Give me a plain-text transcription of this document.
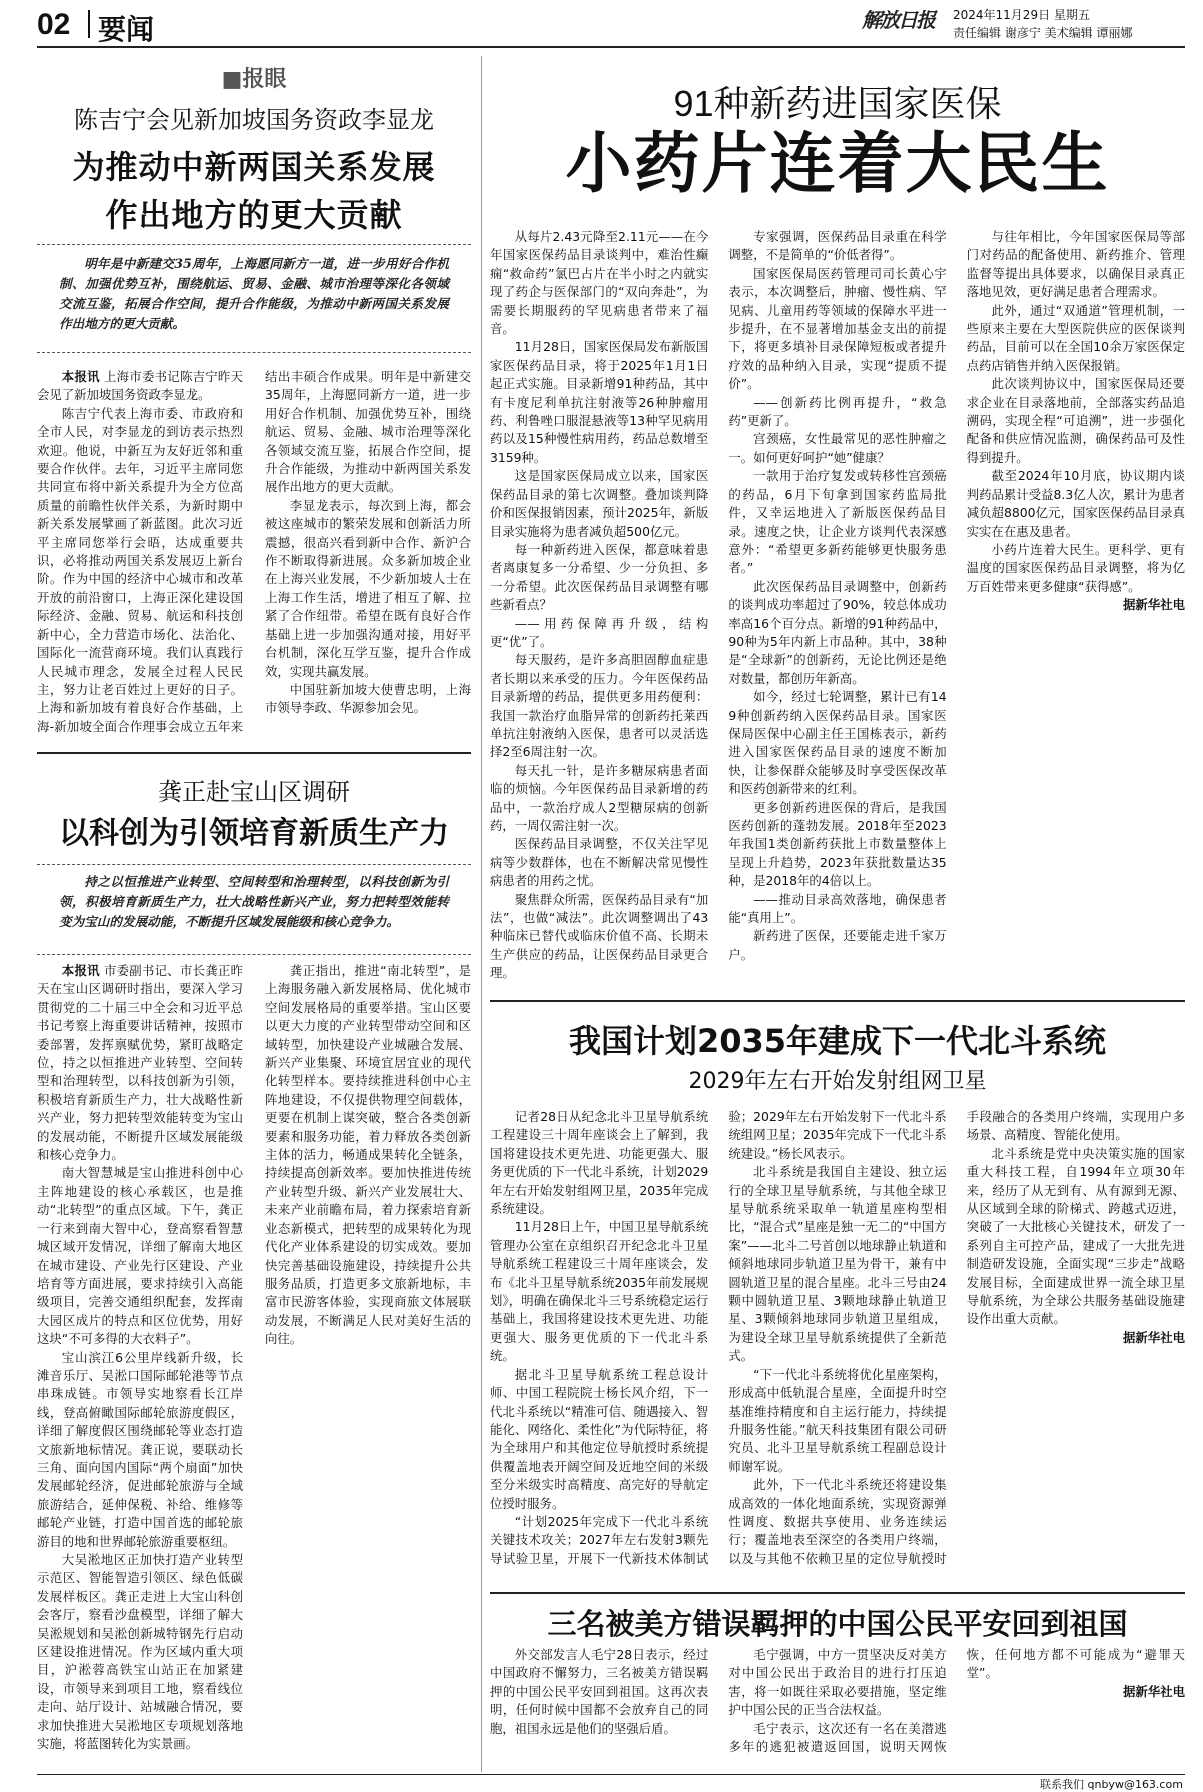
02 要闻	解放日报 2024年11月29日 星期五
责任编辑 谢彦宁 美术编辑 谭丽娜
■报眼
陈吉宁会见新加坡国务资政李显龙
为推动中新两国关系发展
作出地方的更大贡献

明年是中新建交35周年，上海愿同新方一道，进一步用好合作机制、加强优势互补，围绕航运、贸易、金融、城市治理等深化各领域交流互鉴，拓展合作空间，提升合作能级，为推动中新两国关系发展作出地方的更大贡献。

本报讯 上海市委书记陈吉宁昨天会见了新加坡国务资政李显龙。

陈吉宁代表上海市委、市政府和全市人民，对李显龙的到访表示热烈欢迎。他说，中新互为友好近邻和重要合作伙伴。去年，习近平主席同您共同宣布将中新关系提升为全方位高质量的前瞻性伙伴关系，为新时期中新关系发展擘画了新蓝图。此次习近平主席同您举行会晤，达成重要共识，必将推动两国关系发展迈上新台阶。作为中国的经济中心城市和改革开放的前沿窗口，上海正深化建设国际经济、金融、贸易、航运和科技创新中心，全力营造市场化、法治化、国际化一流营商环境。我们认真践行人民城市理念，发展全过程人民民主，努力让老百姓过上更好的日子。上海和新加坡有着良好合作基础，上海-新加坡全面合作理事会成立五年来结出丰硕合作成果。明年是中新建交35周年，上海愿同新方一道，进一步用好合作机制、加强优势互补，围绕航运、贸易、金融、城市治理等深化各领域交流互鉴，拓展合作空间，提升合作能级，为推动中新两国关系发展作出地方的更大贡献。

李显龙表示，每次到上海，都会被这座城市的繁荣发展和创新活力所震撼，很高兴看到新中合作、新沪合作不断取得新进展。众多新加坡企业在上海兴业发展，不少新加坡人士在上海工作生活，增进了相互了解、拉紧了合作纽带。希望在既有良好合作基础上进一步加强沟通对接，用好平台机制，深化互学互鉴，提升合作成效，实现共赢发展。

中国驻新加坡大使曹忠明，上海市领导李政、华源参加会见。

龚正赴宝山区调研
以科创为引领培育新质生产力

持之以恒推进产业转型、空间转型和治理转型，以科技创新为引领，积极培育新质生产力，壮大战略性新兴产业，努力把转型效能转变为宝山的发展动能，不断提升区域发展能级和核心竞争力。

本报讯 市委副书记、市长龚正昨天在宝山区调研时指出，要深入学习贯彻党的二十届三中全会和习近平总书记考察上海重要讲话精神，按照市委部署，发挥禀赋优势，紧盯战略定位，持之以恒推进产业转型、空间转型和治理转型，以科技创新为引领，积极培育新质生产力，壮大战略性新兴产业，努力把转型效能转变为宝山的发展动能，不断提升区域发展能级和核心竞争力。

南大智慧城是宝山推进科创中心主阵地建设的核心承载区，也是推动“北转型”的重点区域。下午，龚正一行来到南大智中心，登高察看智慧城区域开发情况，详细了解南大地区在城市建设、产业先行区建设、产业培育等方面进展，要求持续引入高能级项目，完善交通组织配套，发挥南大园区成片的特点和区位优势，用好这块“不可多得的大衣料子”。

宝山滨江6公里岸线新升级，长滩音乐厅、吴淞口国际邮轮港等节点串珠成链。市领导实地察看长江岸线，登高俯瞰国际邮轮旅游度假区，详细了解度假区围绕邮轮等业态打造文旅新地标情况。龚正说，要联动长三角、面向国内国际“两个扇面”加快发展邮轮经济，促进邮轮旅游与全域旅游结合，延伸保税、补给、维修等邮轮产业链，打造中国首选的邮轮旅游目的地和世界邮轮旅游重要枢纽。

大吴淞地区正加快打造产业转型示范区、智能智造引领区、绿色低碳发展样板区。龚正走进上大宝山科创会客厅，察看沙盘模型，详细了解大吴淞规划和吴淞创新城特钢先行启动区建设推进情况。作为区域内重大项目，沪淞蓉高铁宝山站正在加紧建设，市领导来到项目工地，察看线位走向、站厅设计、站城融合情况，要求加快推进大吴淞地区专项规划落地实施，将蓝图转化为实景画。

龚正指出，推进“南北转型”，是上海服务融入新发展格局、优化城市空间发展格局的重要举措。宝山区要以更大力度的产业转型带动空间和区域转型，加快建设产业城融合发展、新兴产业集聚、环境宜居宜业的现代化转型样本。要持续推进科创中心主阵地建设，不仅提供物理空间载体，更要在机制上谋突破，整合各类创新要素和服务功能，着力释放各类创新主体的活力，畅通成果转化全链条，持续提高创新效率。要加快推进传统产业转型升级、新兴产业发展壮大、未来产业前瞻布局，着力探索培育新业态新模式，把转型的成果转化为现代化产业体系建设的切实成效。要加快完善基础设施建设，持续提升公共服务品质，打造更多文旅新地标，丰富市民游客体验，实现商旅文体展联动发展，不断满足人民对美好生活的向往。

91种新药进国家医保
小药片连着大民生

从每片2.43元降至2.11元——在今年国家医保药品目录谈判中，难治性癫痫“救命药”氯巴占片在半小时之内就实现了药企与医保部门的“双向奔赴”，为需要长期服药的罕见病患者带来了福音。

11月28日，国家医保局发布新版国家医保药品目录，将于2025年1月1日起正式实施。目录新增91种药品，其中有卡度尼利单抗注射液等26种肿瘤用药、利鲁唑口服混悬液等13种罕见病用药以及15种慢性病用药，药品总数增至3159种。

这是国家医保局成立以来，国家医保药品目录的第七次调整。叠加谈判降价和医保报销因素，预计2025年，新版目录实施将为患者减负超500亿元。

每一种新药进入医保，都意味着患者离康复多一分希望、少一分负担、多一分希望。此次医保药品目录调整有哪些新看点？

——用药保障再升级，结构更“优”了。

每天服药，是许多高胆固醇血症患者长期以来承受的压力。今年医保药品目录新增的药品，提供更多用药便利：我国一款治疗血脂异常的创新药托莱西单抗注射液纳入医保，患者可以灵活选择2至6周注射一次。

每天扎一针，是许多糖尿病患者面临的烦恼。今年医保药品目录新增的药品中，一款治疗成人2型糖尿病的创新药，一周仅需注射一次。

医保药品目录调整，不仅关注罕见病等少数群体，也在不断解决常见慢性病患者的用药之忧。

聚焦群众所需，医保药品目录有“加法”，也做“减法”。此次调整调出了43种临床已替代或临床价值不高、长期未生产供应的药品，让医保药品目录更合理。

专家强调，医保药品目录重在科学调整，不是简单的“价低者得”。

国家医保局医药管理司司长黄心宇表示，本次调整后，肿瘤、慢性病、罕见病、儿童用药等领域的保障水平进一步提升，在不显著增加基金支出的前提下，将更多填补目录保障短板或者提升疗效的品种纳入目录，实现“提质不提价”。

——创新药比例再提升，“救急药”更新了。

宫颈癌，女性最常见的恶性肿瘤之一。如何更好呵护“她”健康？

一款用于治疗复发或转移性宫颈癌的药品，6月下旬拿到国家药监局批件，又幸运地进入了新版医保药品目录。速度之快，让企业方谈判代表深感意外：“希望更多新药能够更快服务患者。”

此次医保药品目录调整中，创新药的谈判成功率超过了90%，较总体成功率高16个百分点。新增的91种药品中，90种为5年内新上市品种。其中，38种是“全球新”的创新药，无论比例还是绝对数量，都创历年新高。

如今，经过七轮调整，累计已有149种创新药纳入医保药品目录。国家医保局医保中心副主任王国栋表示，新药进入国家医保药品目录的速度不断加快，让参保群众能够及时享受医保改革和医药创新带来的红利。

更多创新药进医保的背后，是我国医药创新的蓬勃发展。2018年至2023年我国1类创新药获批上市数量整体上呈现上升趋势，2023年获批数量达35种，是2018年的4倍以上。

——推动目录高效落地，确保患者能“真用上”。

新药进了医保，还要能走进千家万户。

与往年相比，今年国家医保局等部门对药品的配备使用、新药推介、管理监督等提出具体要求，以确保目录真正落地见效，更好满足患者合理需求。

此外，通过“双通道”管理机制，一些原来主要在大型医院供应的医保谈判药品，目前可以在全国10余万家医保定点药店销售并纳入医保报销。

此次谈判协议中，国家医保局还要求企业在目录落地前，全部落实药品追溯码，实现全程“可追溯”，进一步强化配备和供应情况监测，确保药品可及性得到提升。

截至2024年10月底，协议期内谈判药品累计受益8.3亿人次，累计为患者减负超8800亿元，国家医保药品目录真实实在在惠及患者。

小药片连着大民生。更科学、更有温度的国家医保药品目录调整，将为亿万百姓带来更多健康“获得感”。

据新华社电

我国计划2035年建成下一代北斗系统
2029年左右开始发射组网卫星

记者28日从纪念北斗卫星导航系统工程建设三十周年座谈会上了解到，我国将建设技术更先进、功能更强大、服务更优质的下一代北斗系统，计划2029年左右开始发射组网卫星，2035年完成系统建设。

11月28日上午，中国卫星导航系统管理办公室在京组织召开纪念北斗卫星导航系统工程建设三十周年座谈会，发布《北斗卫星导航系统2035年前发展规划》，明确在确保北斗三号系统稳定运行基础上，我国将建设技术更先进、功能更强大、服务更优质的下一代北斗系统。

据北斗卫星导航系统工程总设计师、中国工程院院士杨长风介绍，下一代北斗系统以“精准可信、随遇接入、智能化、网络化、柔性化”为代际特征，将为全球用户和其他定位导航授时系统提供覆盖地表开阔空间及近地空间的米级至分米级实时高精度、高完好的导航定位授时服务。

“计划2025年完成下一代北斗系统关键技术攻关；2027年左右发射3颗先导试验卫星，开展下一代新技术体制试验；2029年左右开始发射下一代北斗系统组网卫星；2035年完成下一代北斗系统建设。”杨长风表示。

北斗系统是我国自主建设、独立运行的全球卫星导航系统，与其他全球卫星导航系统采取单一轨道星座构型相比，“混合式”星座是独一无二的“中国方案”——北斗二号首创以地球静止轨道和倾斜地球同步轨道卫星为骨干，兼有中圆轨道卫星的混合星座。北斗三号由24颗中圆轨道卫星、3颗地球静止轨道卫星、3颗倾斜地球同步轨道卫星组成，为建设全球卫星导航系统提供了全新范式。

“下一代北斗系统将优化星座架构，形成高中低轨混合星座，全面提升时空基准维持精度和自主运行能力，持续提升服务性能。”航天科技集团有限公司研究员、北斗卫星导航系统工程副总设计师谢军说。

此外，下一代北斗系统还将建设集成高效的一体化地面系统，实现资源弹性调度、数据共享使用、业务连续运行；覆盖地表至深空的各类用户终端，以及与其他不依赖卫星的定位导航授时手段融合的各类用户终端，实现用户多场景、高精度、智能化使用。

北斗系统是党中央决策实施的国家重大科技工程，自1994年立项30年来，经历了从无到有、从有源到无源、从区域到全球的阶梯式、跨越式迈进，突破了一大批核心关键技术，研发了一系列自主可控产品，建成了一大批先进制造研发设施，全面实现“三步走”战略发展目标，全面建成世界一流全球卫星导航系统，为全球公共服务基础设施建设作出重大贡献。

据新华社电

三名被美方错误羁押的中国公民平安回到祖国

外交部发言人毛宁28日表示，经过中国政府不懈努力，三名被美方错误羁押的中国公民平安回到祖国。这再次表明，任何时候中国都不会放弃自己的同胞，祖国永远是他们的坚强后盾。

毛宁强调，中方一贯坚决反对美方对中国公民出于政治目的进行打压迫害，将一如既往采取必要措施，坚定维护中国公民的正当合法权益。

毛宁表示，这次还有一名在美潜逃多年的逃犯被遣返回国，说明天网恢恢，任何地方都不可能成为“避罪天堂”。

据新华社电

联系我们 qnbyw@163.com
